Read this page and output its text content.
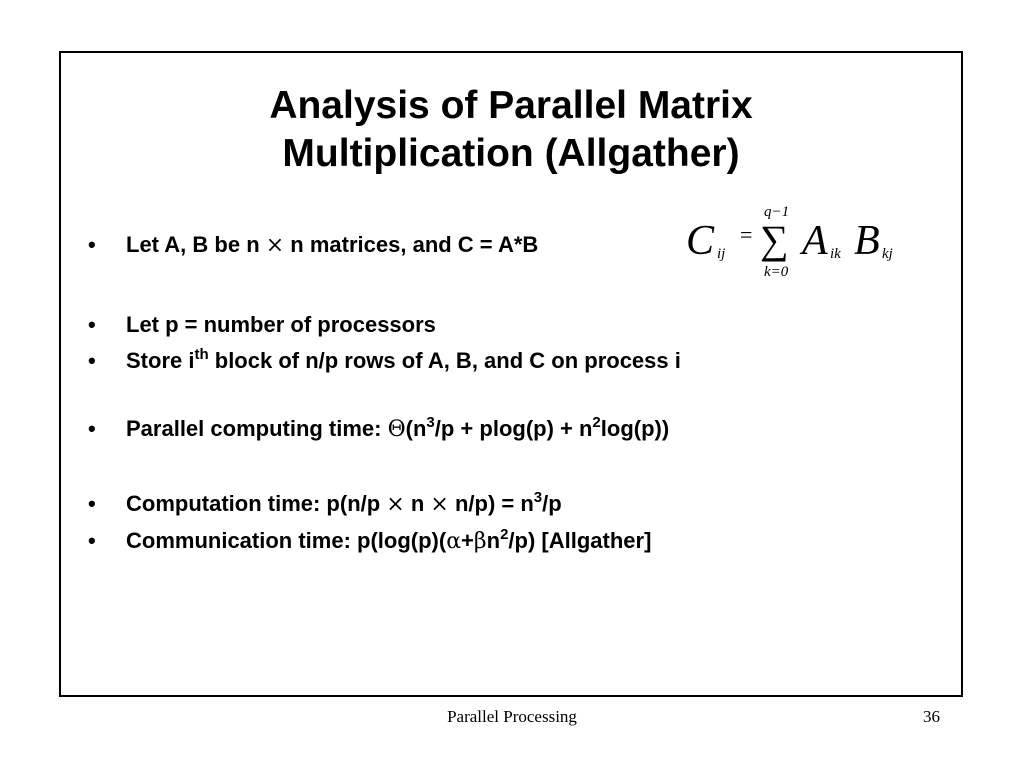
Analysis of Parallel Matrix
Multiplication (Allgather)
• Let A, B be n × n matrices, and C = A*B	C ij
=
q−1
∑
k=0
A ik B kj
• Let p = number of processors
• Store $i^{th}$ block of n/p rows of A, B, and C on process i
• Parallel computing time: $\Theta(n^3/p + plog(p) + n^2\log(p))$
• Computation time: $p(n/p \times n \times n/p) = n^3/p$
• Communication time: $p(\log(p)(\alpha+\beta n^2/p)$ [Allgather]
Parallel Processing	36
